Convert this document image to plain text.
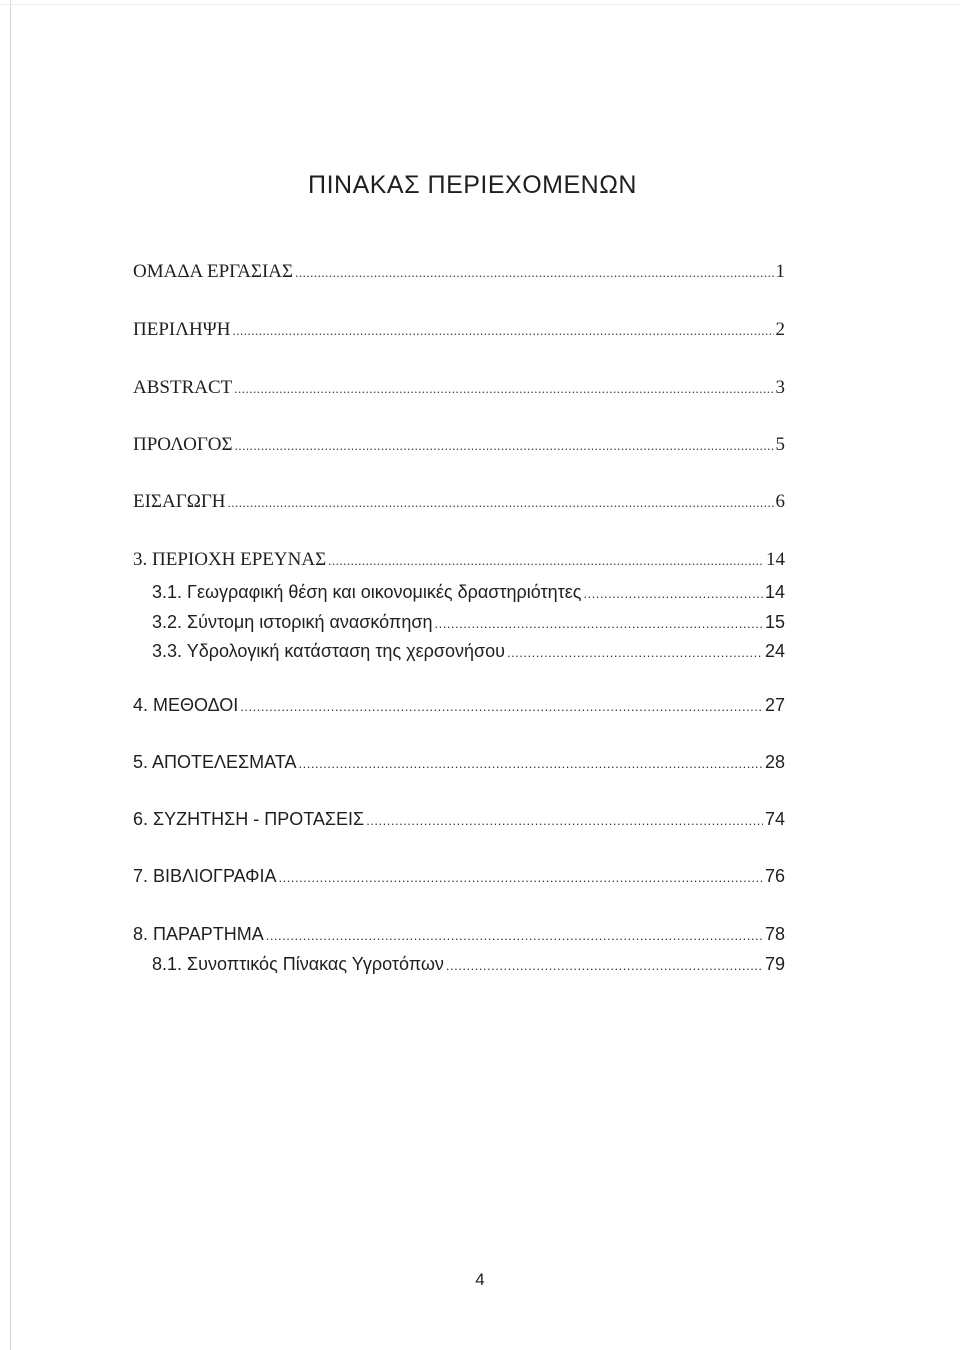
ΠΙΝΑΚΑΣ ΠΕΡΙΕΧΟΜΕΝΩΝ
ΟΜΑΔΑ ΕΡΓΑΣΙΑΣ .....	1
ΠΕΡΙΛΗΨΗ .....	2
ABSTRACT .....	3
ΠΡΟΛΟΓΟΣ .....	5
ΕΙΣΑΓΩΓΗ .....	6
3. ΠΕΡΙΟΧΗ ΕΡΕΥΝΑΣ .....	14
3.1. Γεωγραφική θέση και οικονομικές δραστηριότητες .....	14
3.2. Σύντομη ιστορική ανασκόπηση .....	15
3.3. Υδρολογική κατάσταση της χερσονήσου .....	24
4. ΜΕΘΟΔΟΙ .....	27
5. ΑΠΟΤΕΛΕΣΜΑΤΑ .....	28
6. ΣΥΖΗΤΗΣΗ - ΠΡΟΤΑΣΕΙΣ .....	74
7. ΒΙΒΛΙΟΓΡΑΦΙΑ .....	76
8. ΠΑΡΑΡΤΗΜΑ .....	78
8.1. Συνοπτικός Πίνακας Υγροτόπων .....	79
4
